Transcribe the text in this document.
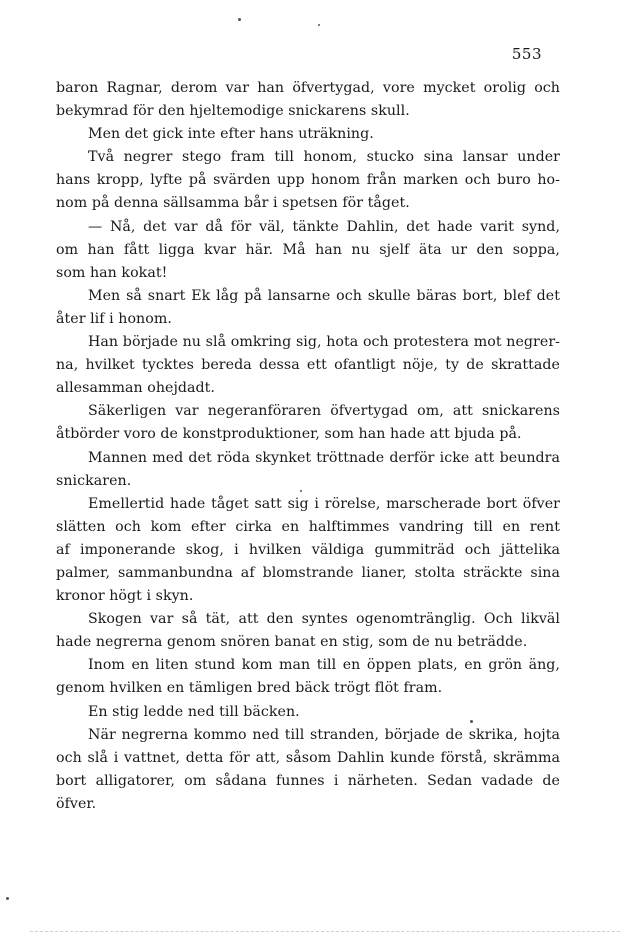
553
baron Ragnar, derom var han öfvertygad, vore mycket orolig och
bekymrad för den hjeltemodige snickarens skull.
Men det gick inte efter hans uträkning.
Två negrer stego fram till honom, stucko sina lansar under
hans kropp, lyfte på svärden upp honom från marken och buro ho-
nom på denna sällsamma bår i spetsen för tåget.
— Nå, det var då för väl, tänkte Dahlin, det hade varit synd,
om han fått ligga kvar här. Må han nu sjelf äta ur den soppa,
som han kokat!
Men så snart Ek låg på lansarne och skulle bäras bort, blef det
åter lif i honom.
Han började nu slå omkring sig, hota och protestera mot negrer-
na, hvilket tycktes bereda dessa ett ofantligt nöje, ty de skrattade
allesamman ohejdadt.
Säkerligen var negeranföraren öfvertygad om, att snickarens
åtbörder voro de konstproduktioner, som han hade att bjuda på.
Mannen med det röda skynket tröttnade derför icke att beundra
snickaren.
Emellertid hade tåget satt sig i rörelse, marscherade bort öfver
slätten och kom efter cirka en halftimmes vandring till en rent
af imponerande skog, i hvilken väldiga gummiträd och jättelika
palmer, sammanbundna af blomstrande lianer, stolta sträckte sina
kronor högt i skyn.
Skogen var så tät, att den syntes ogenomtränglig. Och likväl
hade negrerna genom snören banat en stig, som de nu beträdde.
Inom en liten stund kom man till en öppen plats, en grön äng,
genom hvilken en tämligen bred bäck trögt flöt fram.
En stig ledde ned till bäcken.
När negrerna kommo ned till stranden, började de skrika, hojta
och slå i vattnet, detta för att, såsom Dahlin kunde förstå, skrämma
bort alligatorer, om sådana funnes i närheten. Sedan vadade de
öfver.
